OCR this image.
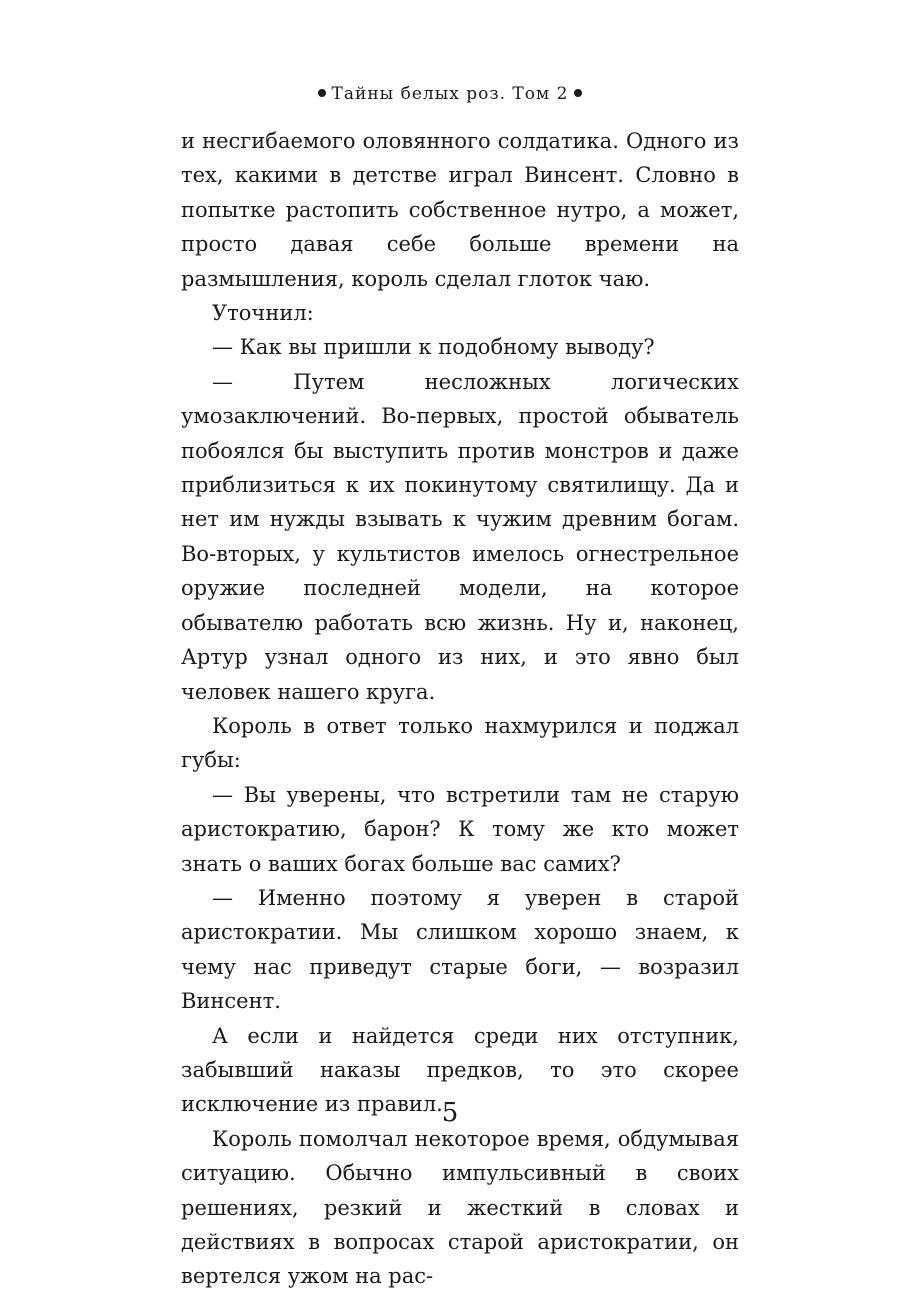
Тайны белых роз. Том 2

и несгибаемого оловянного солдатика. Одного из тех, какими в детстве играл Винсент. Словно в попытке растопить собственное нутро, а может, просто давая себе больше времени на размышления, король сделал глоток чаю.

Уточнил:

— Как вы пришли к подобному выводу?

— Путем несложных логических умозаключений. Во-первых, простой обыватель побоялся бы выступить против монстров и даже приблизиться к их покинутому святилищу. Да и нет им нужды взывать к чужим древним богам. Во-вторых, у культистов имелось огнестрельное оружие последней модели, на которое обывателю работать всю жизнь. Ну и, наконец, Артур узнал одного из них, и это явно был человек нашего круга.

Король в ответ только нахмурился и поджал губы:

— Вы уверены, что встретили там не старую аристократию, барон? К тому же кто может знать о ваших богах больше вас самих?

— Именно поэтому я уверен в старой аристократии. Мы слишком хорошо знаем, к чему нас приведут старые боги, — возразил Винсент.

А если и найдется среди них отступник, забывший наказы предков, то это скорее исключение из правил.

Король помолчал некоторое время, обдумывая ситуацию. Обычно импульсивный в своих решениях, резкий и жесткий в словах и действиях в вопросах старой аристократии, он вертелся ужом на рас-

5
